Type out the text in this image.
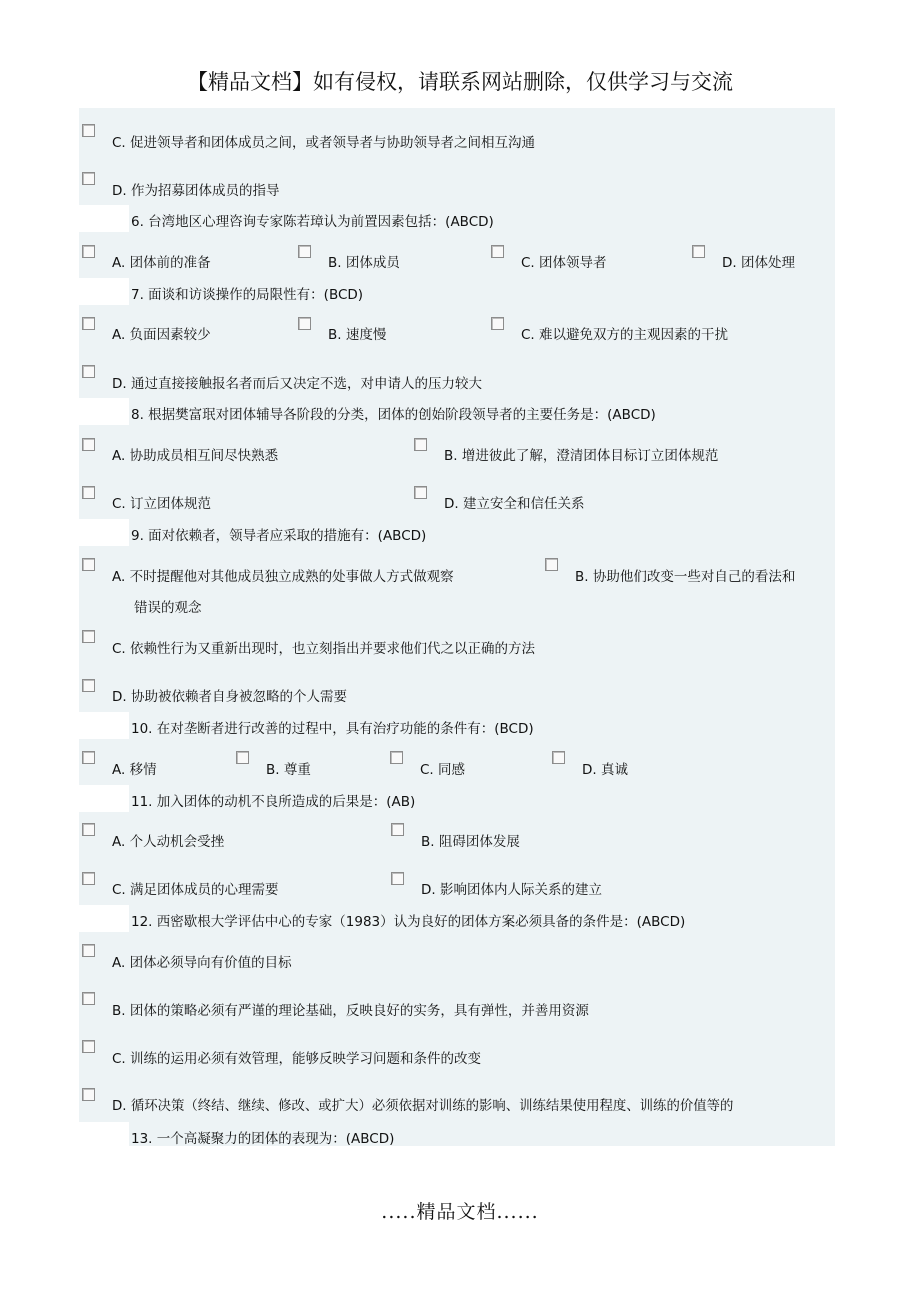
【精品文档】如有侵权，请联系网站删除，仅供学习与交流
C. 促进领导者和团体成员之间，或者领导者与协助领导者之间相互沟通
D. 作为招募团体成员的指导
6. 台湾地区心理咨询专家陈若璋认为前置因素包括：(ABCD)
A. 团体前的准备	B. 团体成员	C. 团体领导者	D. 团体处理
7. 面谈和访谈操作的局限性有：(BCD)
A. 负面因素较少	B. 速度慢	C. 难以避免双方的主观因素的干扰
D. 通过直接接触报名者而后又决定不选，对申请人的压力较大
8. 根据樊富珉对团体辅导各阶段的分类，团体的创始阶段领导者的主要任务是：(ABCD)
A. 协助成员相互间尽快熟悉	B. 增进彼此了解，澄清团体目标订立团体规范
C. 订立团体规范	D. 建立安全和信任关系
9. 面对依赖者，领导者应采取的措施有：(ABCD)
A. 不时提醒他对其他成员独立成熟的处事做人方式做观察	B. 协助他们改变一些对自己的看法和
错误的观念
C. 依赖性行为又重新出现时，也立刻指出并要求他们代之以正确的方法
D. 协助被依赖者自身被忽略的个人需要
10. 在对垄断者进行改善的过程中，具有治疗功能的条件有：(BCD)
A. 移情	B. 尊重	C. 同感	D. 真诚
11. 加入团体的动机不良所造成的后果是：(AB)
A. 个人动机会受挫	B. 阻碍团体发展
C. 满足团体成员的心理需要	D. 影响团体内人际关系的建立
12. 西密歇根大学评估中心的专家（1983）认为良好的团体方案必须具备的条件是：(ABCD)
A. 团体必须导向有价值的目标
B. 团体的策略必须有严谨的理论基础，反映良好的实务，具有弹性，并善用资源
C. 训练的运用必须有效管理，能够反映学习问题和条件的改变
D. 循环决策（终结、继续、修改、或扩大）必须依据对训练的影响、训练结果使用程度、训练的价值等的
13. 一个高凝聚力的团体的表现为：(ABCD)
.....精品文档......
